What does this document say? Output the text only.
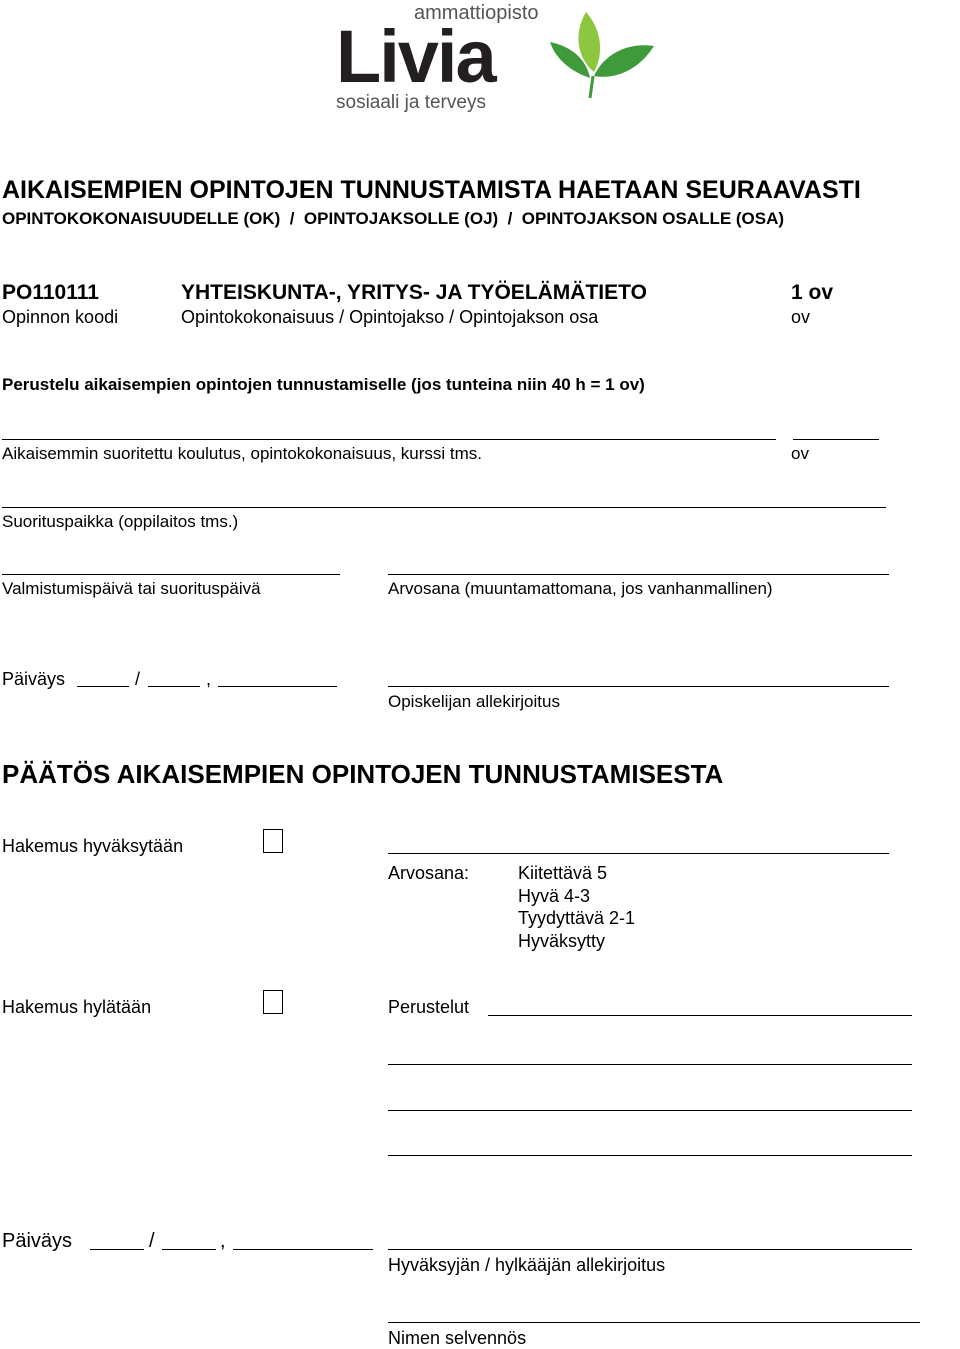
ammattiopisto
Livia
sosiaali ja terveys
AIKAISEMPIEN OPINTOJEN TUNNUSTAMISTA HAETAAN SEURAAVASTI
OPINTOKOKONAISUUDELLE (OK)  /  OPINTOJAKSOLLE (OJ)  /  OPINTOJAKSON OSALLE (OSA)
PO110111	YHTEISKUNTA-, YRITYS- JA TYÖELÄMÄTIETO	1 ov
Opinnon koodi	Opintokokonaisuus / Opintojakso / Opintojakson osa	ov
Perustelu aikaisempien opintojen tunnustamiselle (jos tunteina niin 40 h = 1 ov)
Aikaisemmin suoritettu koulutus, opintokokonaisuus, kurssi tms.	ov
Suorituspaikka (oppilaitos tms.)
Valmistumispäivä tai suorituspäivä	Arvosana (muuntamattomana, jos vanhanmallinen)
Päiväys	/	,
Opiskelijan allekirjoitus
PÄÄTÖS AIKAISEMPIEN OPINTOJEN TUNNUSTAMISESTA
Hakemus hyväksytään
Arvosana:	Kiitettävä 5
Hyvä 4-3
Tyydyttävä 2-1
Hyväksytty
Hakemus hylätään	Perustelut
Päiväys	/	,
Hyväksyjän / hylkääjän allekirjoitus
Nimen selvennös
